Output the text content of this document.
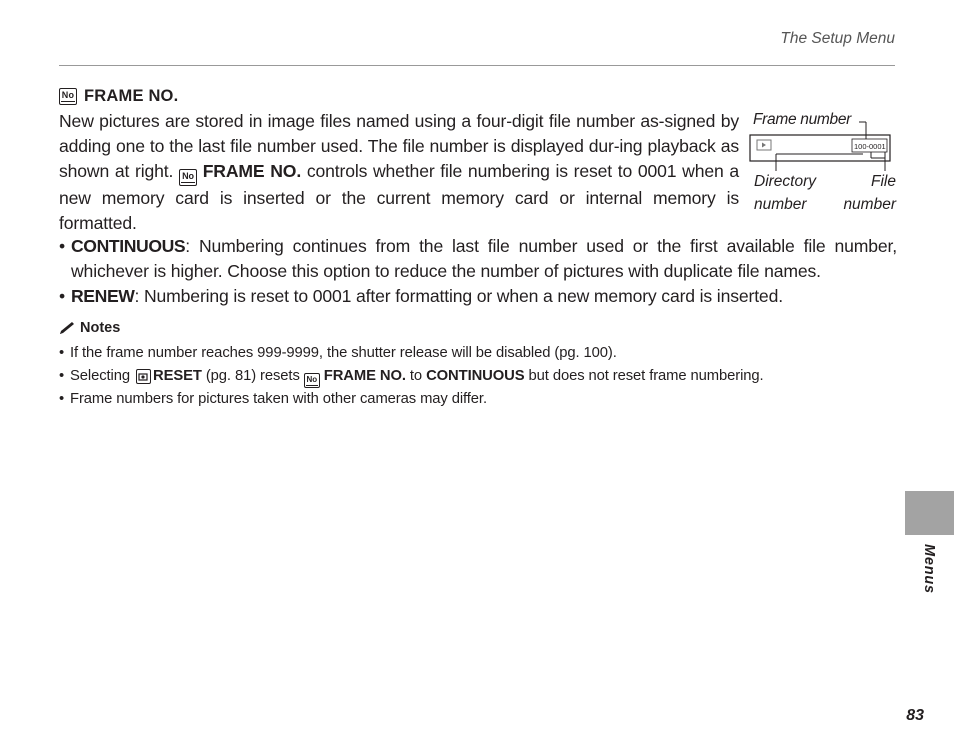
The Setup Menu
No FRAME NO.
New pictures are stored in image files named using a four-digit file number as-signed by adding one to the last file number used. The file number is displayed dur-ing playback as shown at right. No FRAME NO. controls whether file numbering is reset to 0001 when a new memory card is inserted or the current memory card or internal memory is formatted.
100-0001
Frame number
Directory
number
File
number
• CONTINUOUS: Numbering continues from the last file number used or the first available file number, whichever is higher. Choose this option to reduce the number of pictures with duplicate file names.
• RENEW: Numbering is reset to 0001 after formatting or when a new memory card is inserted.
Notes
• If the frame number reaches 999-9999, the shutter release will be disabled (pg. 100).
• Selecting
RESET (pg. 81) resets No FRAME NO. to CONTINUOUS but does not reset frame numbering.
• Frame numbers for pictures taken with other cameras may differ.
Menus
83
